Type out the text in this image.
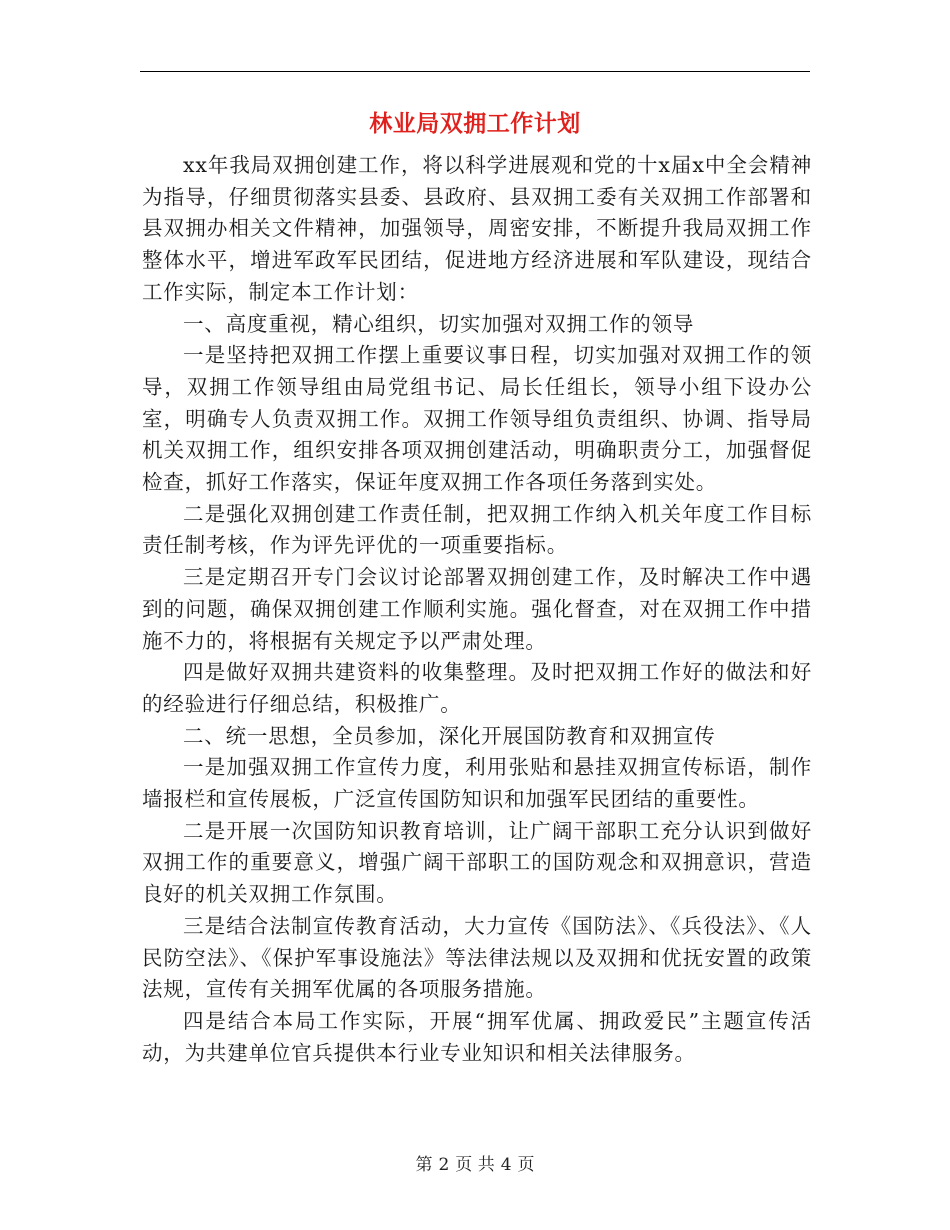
林业局双拥工作计划

xx年我局双拥创建工作，将以科学进展观和党的十x届x中全会精神为指导，仔细贯彻落实县委、县政府、县双拥工委有关双拥工作部署和县双拥办相关文件精神，加强领导，周密安排，不断提升我局双拥工作整体水平，增进军政军民团结，促进地方经济进展和军队建设，现结合工作实际，制定本工作计划：

一、高度重视，精心组织，切实加强对双拥工作的领导

一是坚持把双拥工作摆上重要议事日程，切实加强对双拥工作的领导，双拥工作领导组由局党组书记、局长任组长，领导小组下设办公室，明确专人负责双拥工作。双拥工作领导组负责组织、协调、指导局机关双拥工作，组织安排各项双拥创建活动，明确职责分工，加强督促检查，抓好工作落实，保证年度双拥工作各项任务落到实处。

二是强化双拥创建工作责任制，把双拥工作纳入机关年度工作目标责任制考核，作为评先评优的一项重要指标。

三是定期召开专门会议讨论部署双拥创建工作，及时解决工作中遇到的问题，确保双拥创建工作顺利实施。强化督查，对在双拥工作中措施不力的，将根据有关规定予以严肃处理。

四是做好双拥共建资料的收集整理。及时把双拥工作好的做法和好的经验进行仔细总结，积极推广。

二、统一思想，全员参加，深化开展国防教育和双拥宣传

一是加强双拥工作宣传力度，利用张贴和悬挂双拥宣传标语，制作墙报栏和宣传展板，广泛宣传国防知识和加强军民团结的重要性。

二是开展一次国防知识教育培训，让广阔干部职工充分认识到做好双拥工作的重要意义，增强广阔干部职工的国防观念和双拥意识，营造良好的机关双拥工作氛围。

三是结合法制宣传教育活动，大力宣传《国防法》、《兵役法》、《人民防空法》、《保护军事设施法》等法律法规以及双拥和优抚安置的政策法规，宣传有关拥军优属的各项服务措施。

四是结合本局工作实际，开展“拥军优属、拥政爱民”主题宣传活动，为共建单位官兵提供本行业专业知识和相关法律服务。

第 2 页 共 4 页
